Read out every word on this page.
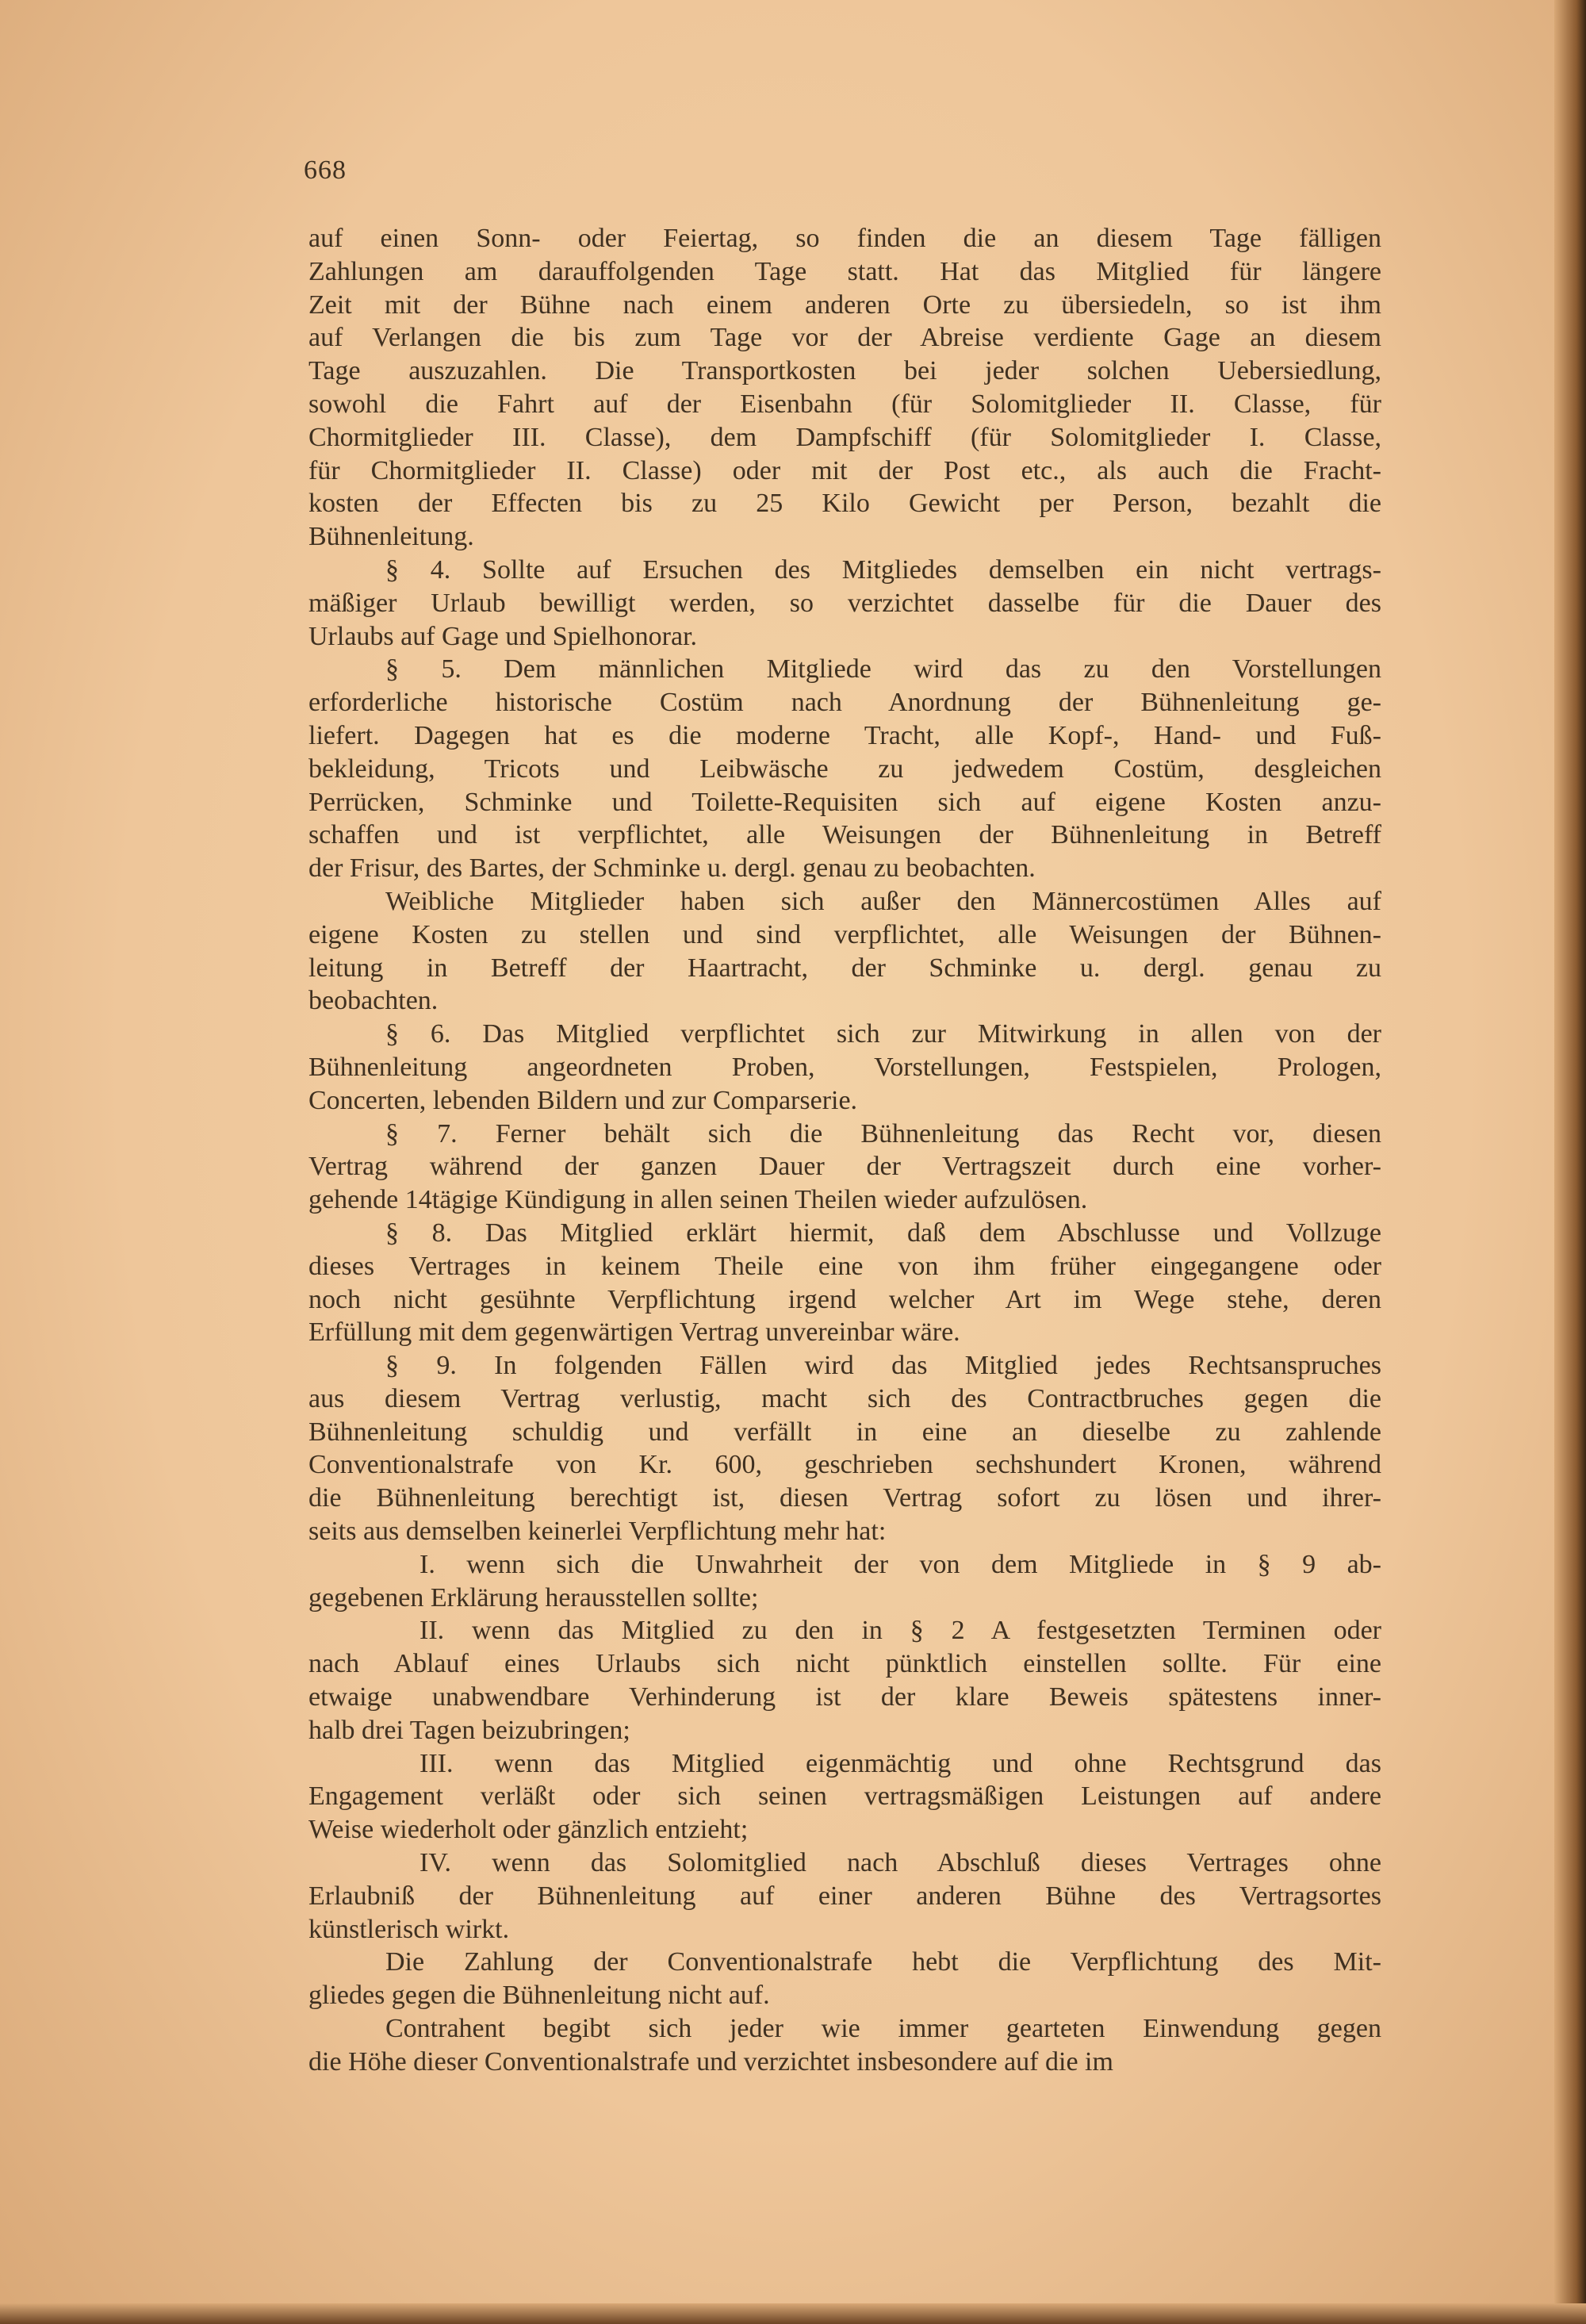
668
auf einen Sonn- oder Feiertag, so finden die an diesem Tage fälligen
Zahlungen am darauffolgenden Tage statt. Hat das Mitglied für längere
Zeit mit der Bühne nach einem anderen Orte zu übersiedeln, so ist ihm
auf Verlangen die bis zum Tage vor der Abreise verdiente Gage an diesem
Tage auszuzahlen. Die Transportkosten bei jeder solchen Uebersiedlung,
sowohl die Fahrt auf der Eisenbahn (für Solomitglieder II. Classe, für
Chormitglieder III. Classe), dem Dampfschiff (für Solomitglieder I. Classe,
für Chormitglieder II. Classe) oder mit der Post etc., als auch die Fracht-
kosten der Effecten bis zu 25 Kilo Gewicht per Person, bezahlt die
Bühnenleitung.
§ 4. Sollte auf Ersuchen des Mitgliedes demselben ein nicht vertrags-
mäßiger Urlaub bewilligt werden, so verzichtet dasselbe für die Dauer des
Urlaubs auf Gage und Spielhonorar.
§ 5. Dem männlichen Mitgliede wird das zu den Vorstellungen
erforderliche historische Costüm nach Anordnung der Bühnenleitung ge-
liefert. Dagegen hat es die moderne Tracht, alle Kopf-, Hand- und Fuß-
bekleidung, Tricots und Leibwäsche zu jedwedem Costüm, desgleichen
Perrücken, Schminke und Toilette-Requisiten sich auf eigene Kosten anzu-
schaffen und ist verpflichtet, alle Weisungen der Bühnenleitung in Betreff
der Frisur, des Bartes, der Schminke u. dergl. genau zu beobachten.
Weibliche Mitglieder haben sich außer den Männercostümen Alles auf
eigene Kosten zu stellen und sind verpflichtet, alle Weisungen der Bühnen-
leitung in Betreff der Haartracht, der Schminke u. dergl. genau zu
beobachten.
§ 6. Das Mitglied verpflichtet sich zur Mitwirkung in allen von der
Bühnenleitung angeordneten Proben, Vorstellungen, Festspielen, Prologen,
Concerten, lebenden Bildern und zur Comparserie.
§ 7. Ferner behält sich die Bühnenleitung das Recht vor, diesen
Vertrag während der ganzen Dauer der Vertragszeit durch eine vorher-
gehende 14tägige Kündigung in allen seinen Theilen wieder aufzulösen.
§ 8. Das Mitglied erklärt hiermit, daß dem Abschlusse und Vollzuge
dieses Vertrages in keinem Theile eine von ihm früher eingegangene oder
noch nicht gesühnte Verpflichtung irgend welcher Art im Wege stehe, deren
Erfüllung mit dem gegenwärtigen Vertrag unvereinbar wäre.
§ 9. In folgenden Fällen wird das Mitglied jedes Rechtsanspruches
aus diesem Vertrag verlustig, macht sich des Contractbruches gegen die
Bühnenleitung schuldig und verfällt in eine an dieselbe zu zahlende
Conventionalstrafe von Kr. 600, geschrieben sechshundert Kronen, während
die Bühnenleitung berechtigt ist, diesen Vertrag sofort zu lösen und ihrer-
seits aus demselben keinerlei Verpflichtung mehr hat:
I. wenn sich die Unwahrheit der von dem Mitgliede in § 9 ab-
gegebenen Erklärung herausstellen sollte;
II. wenn das Mitglied zu den in § 2 A festgesetzten Terminen oder
nach Ablauf eines Urlaubs sich nicht pünktlich einstellen sollte. Für eine
etwaige unabwendbare Verhinderung ist der klare Beweis spätestens inner-
halb drei Tagen beizubringen;
III. wenn das Mitglied eigenmächtig und ohne Rechtsgrund das
Engagement verläßt oder sich seinen vertragsmäßigen Leistungen auf andere
Weise wiederholt oder gänzlich entzieht;
IV. wenn das Solomitglied nach Abschluß dieses Vertrages ohne
Erlaubniß der Bühnenleitung auf einer anderen Bühne des Vertragsortes
künstlerisch wirkt.
Die Zahlung der Conventionalstrafe hebt die Verpflichtung des Mit-
gliedes gegen die Bühnenleitung nicht auf.
Contrahent begibt sich jeder wie immer gearteten Einwendung gegen
die Höhe dieser Conventionalstrafe und verzichtet insbesondere auf die im
